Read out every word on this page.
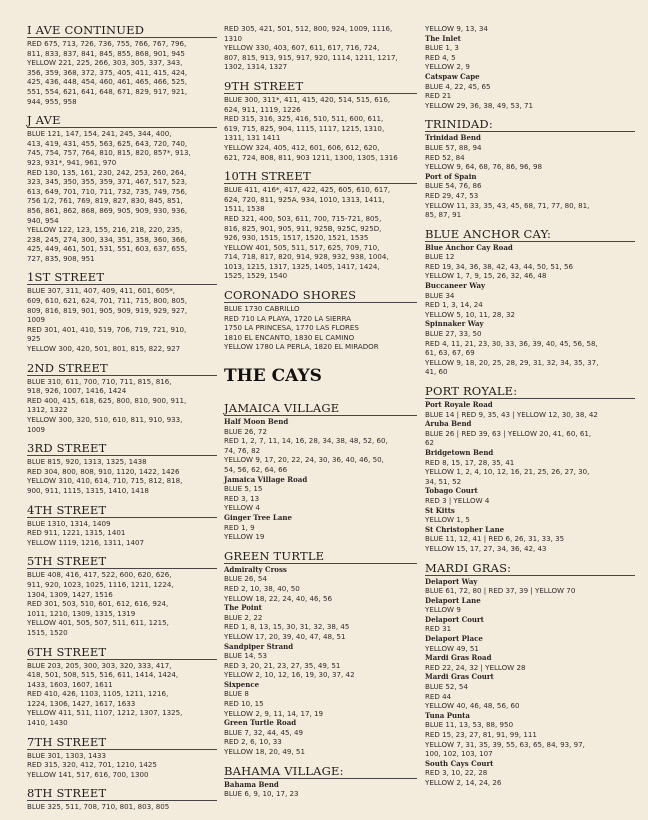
I AVE CONTINUED
RED 675, 713, 726, 736, 755, 766, 767, 796,
811, 833, 837, 841, 845, 855, 868, 901, 945
YELLOW 221, 225, 266, 303, 305, 337, 343,
356, 359, 368, 372, 375, 405, 411, 415, 424,
425, 436, 448, 454, 460, 461, 465, 466, 525,
551, 554, 621, 641, 648, 671, 829, 917, 921,
944, 955, 958
J AVE
BLUE 121, 147, 154, 241, 245, 344, 400,
413, 419, 431, 455, 563, 625, 643, 720, 740,
745, 754, 757, 764, 810, 815, 820, 857*, 913,
923, 931*, 941, 961, 970
RED 130, 135, 161, 230, 242, 253, 260, 264,
323, 345, 350, 355, 359, 371, 467, 517, 523,
613, 649, 701, 710, 711, 732, 735, 749, 756,
756 1/2, 761, 769, 819, 827, 830, 845, 851,
856, 861, 862, 868, 869, 905, 909, 930, 936,
940, 954
YELLOW 122, 123, 155, 216, 218, 220, 235,
238, 245, 274, 300, 334, 351, 358, 360, 366,
425, 449, 461, 501, 531, 551, 603, 637, 655,
727, 835, 908, 951
1ST STREET
BLUE 307, 311, 407, 409, 411, 601, 605*,
609, 610, 621, 624, 701, 711, 715, 800, 805,
809, 816, 819, 901, 905, 909, 919, 929, 927,
1009
RED 301, 401, 410, 519, 706, 719, 721, 910,
925
YELLOW 300, 420, 501, 801, 815, 822, 927
2ND STREET
BLUE 310, 611, 700, 710, 711, 815, 816,
918, 926, 1007, 1416, 1424
RED 400, 415, 618, 625, 800, 810, 900, 911,
1312, 1322
YELLOW 300, 320, 510, 610, 811, 910, 933,
1009
3RD STREET
BLUE 815, 920, 1313, 1325, 1438
RED 304, 800, 808, 910, 1120, 1422, 1426
YELLOW 310, 410, 614, 710, 715, 812, 818,
900, 911, 1115, 1315, 1410, 1418
4TH STREET
BLUE 1310, 1314, 1409
RED 911, 1221, 1315, 1401
YELLOW 1119, 1216, 1311, 1407
5TH STREET
BLUE 408, 416, 417, 522, 600, 620, 626,
911, 920, 1023, 1025, 1116, 1211, 1224,
1304, 1309, 1427, 1516
RED 301, 503, 510, 601, 612, 616, 924,
1011, 1210, 1309, 1315, 1319
YELLOW 401, 505, 507, 511, 611, 1215,
1515, 1520
6TH STREET
BLUE 203, 205, 300, 303, 320, 333, 417,
418, 501, 508, 515, 516, 611, 1414, 1424,
1433, 1603, 1607, 1611
RED 410, 426, 1103, 1105, 1211, 1216,
1224, 1306, 1427, 1617, 1633
YELLOW 411, 511, 1107, 1212, 1307, 1325,
1410, 1430
7TH STREET
BLUE 301, 1303, 1433
RED 315, 320, 412, 701, 1210, 1425
YELLOW 141, 517, 616, 700, 1300
8TH STREET
BLUE 325, 511, 708, 710, 801, 803, 805
RED 305, 421, 501, 512, 800, 924, 1009, 1116,
1310
YELLOW 330, 403, 607, 611, 617, 716, 724,
807, 815, 913, 915, 917, 920, 1114, 1211, 1217,
1302, 1314, 1327
9TH STREET
BLUE 300, 311*, 411, 415, 420, 514, 515, 616,
624, 911, 1119, 1226
RED 315, 316, 325, 416, 510, 511, 600, 611,
619, 715, 825, 904, 1115, 1117, 1215, 1310,
1311, 131 1411
YELLOW 324, 405, 412, 601, 606, 612, 620,
621, 724, 808, 811, 903 1211, 1300, 1305, 1316
10TH STREET
BLUE 411, 416*, 417, 422, 425, 605, 610, 617,
624, 720, 811, 925A, 934, 1010, 1313, 1411,
1511, 1538
RED 321, 400, 503, 611, 700, 715-721, 805,
816, 825, 901, 905, 911, 925B, 925C, 925D,
926, 930, 1515, 1517, 1520, 1521, 1535
YELLOW 401, 505, 511, 517, 625, 709, 710,
714, 718, 817, 820, 914, 928, 932, 938, 1004,
1013, 1215, 1317, 1325, 1405, 1417, 1424,
1525, 1529, 1540
CORONADO SHORES
BLUE 1730 CABRILLO
RED 710 LA PLAYA, 1720 LA SIERRA
1750 LA PRINCESA, 1770 LAS FLORES
1810 EL ENCANTO, 1830 EL CAMINO
YELLOW 1780 LA PERLA, 1820 EL MIRADOR
THE CAYS
JAMAICA VILLAGE
Half Moon Bend
BLUE 26, 72
RED 1, 2, 7, 11, 14, 16, 28, 34, 38, 48, 52, 60,
74, 76, 82
YELLOW 9, 17, 20, 22, 24, 30, 36, 40, 46, 50,
54, 56, 62, 64, 66
Jamaica Village Road
BLUE 5, 15
RED 3, 13
YELLOW 4
Ginger Tree Lane
RED 1, 9
YELLOW 19
GREEN TURTLE
Admiralty Cross
BLUE 26, 54
RED 2, 10, 38, 40, 50
YELLOW 18, 22, 24, 40, 46, 56
The Point
BLUE 2, 22
RED 1, 8, 13, 15, 30, 31, 32, 38, 45
YELLOW 17, 20, 39, 40, 47, 48, 51
Sandpiper Strand
BLUE 14, 53
RED 3, 20, 21, 23, 27, 35, 49, 51
YELLOW 2, 10, 12, 16, 19, 30, 37, 42
Sixpence
BLUE 8
RED 10, 15
YELLOW 2, 9, 11, 14, 17, 19
Green Turtle Road
BLUE 7, 32, 44, 45, 49
RED 2, 6, 10, 33
YELLOW 18, 20, 49, 51
BAHAMA VILLAGE:
Bahama Bend
BLUE 6, 9, 10, 17, 23
YELLOW 9, 13, 34
The Inlet
BLUE 1, 3
RED 4, 5
YELLOW 2, 9
Catspaw Cape
BLUE 4, 22, 45, 65
RED 21
YELLOW 29, 36, 38, 49, 53, 71
TRINIDAD:
Trinidad Bend
BLUE 57, 88, 94
RED 52, 84
YELLOW 9, 64, 68, 76, 86, 96, 98
Port of Spain
BLUE 54, 76, 86
RED 29, 47, 53
YELLOW 11, 33, 35, 43, 45, 68, 71, 77, 80, 81,
85, 87, 91
BLUE ANCHOR CAY:
Blue Anchor Cay Road
BLUE 12
RED 19, 34, 36, 38, 42, 43, 44, 50, 51, 56
YELLOW 1, 7, 9, 15, 26, 32, 46, 48
Buccaneer Way
BLUE 34
RED 1, 3, 14, 24
YELLOW 5, 10, 11, 28, 32
Spinnaker Way
BLUE 27, 33, 50
RED 4, 11, 21, 23, 30, 33, 36, 39, 40, 45, 56, 58,
61, 63, 67, 69
YELLOW 9, 18, 20, 25, 28, 29, 31, 32, 34, 35, 37,
41, 60
PORT ROYALE:
Port Royale Road
BLUE 14 | RED 9, 35, 43 | YELLOW 12, 30, 38, 42
Aruba Bend
BLUE 26 | RED 39, 63 | YELLOW 20, 41, 60, 61,
62
Bridgetown Bend
RED 8, 15, 17, 28, 35, 41
YELLOW 1, 2, 4, 10, 12, 16, 21, 25, 26, 27, 30,
34, 51, 52
Tobago Court
RED 3 | YELLOW 4
St Kitts
YELLOW 1, 5
St Christopher Lane
BLUE 11, 12, 41 | RED 6, 26, 31, 33, 35
YELLOW 15, 17, 27, 34, 36, 42, 43
MARDI GRAS:
Delaport Way
BLUE 61, 72, 80 | RED 37, 39 | YELLOW 70
Delaport Lane
YELLOW 9
Delaport Court
RED 31
Delaport Place
YELLOW 49, 51
Mardi Gras Road
RED 22, 24, 32 | YELLOW 28
Mardi Gras Court
BLUE 52, 54
RED 44
YELLOW 40, 46, 48, 56, 60
Tuna Punta
BLUE 11, 13, 53, 88, 950
RED 15, 23, 27, 81, 91, 99, 111
YELLOW 7, 31, 35, 39, 55, 63, 65, 84, 93, 97,
100, 102, 103, 107
South Cays Court
RED 3, 10, 22, 28
YELLOW 2, 14, 24, 26
